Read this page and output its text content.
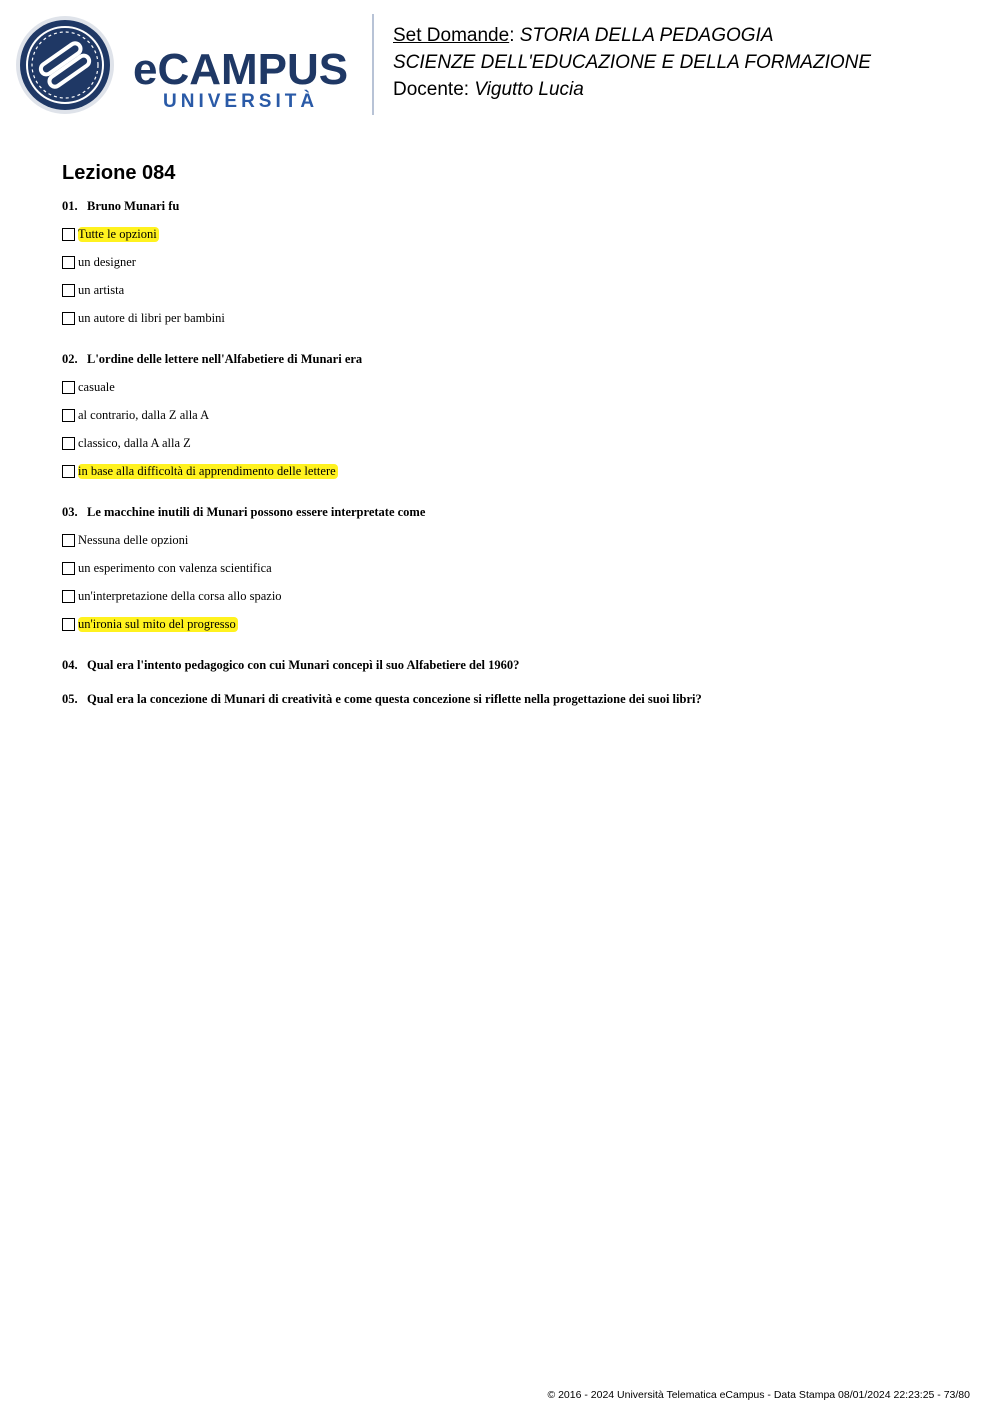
eCAMPUS
UNIVERSITÀ
Set Domande: STORIA DELLA PEDAGOGIA
SCIENZE DELL'EDUCAZIONE E DELLA FORMAZIONE
Docente: Vigutto Lucia
Lezione 084
01. Bruno Munari fu
Tutte le opzioni
un designer
un artista
un autore di libri per bambini
02. L'ordine delle lettere nell'Alfabetiere di Munari era
casuale
al contrario, dalla Z alla A
classico, dalla A alla Z
in base alla difficoltà di apprendimento delle lettere
03. Le macchine inutili di Munari possono essere interpretate come
Nessuna delle opzioni
un esperimento con valenza scientifica
un'interpretazione della corsa allo spazio
un'ironia sul mito del progresso
04. Qual era l'intento pedagogico con cui Munari concepì il suo Alfabetiere del 1960?
05. Qual era la concezione di Munari di creatività e come questa concezione si riflette nella progettazione dei suoi libri?
© 2016 - 2024 Università Telematica eCampus - Data Stampa 08/01/2024 22:23:25 - 73/80
